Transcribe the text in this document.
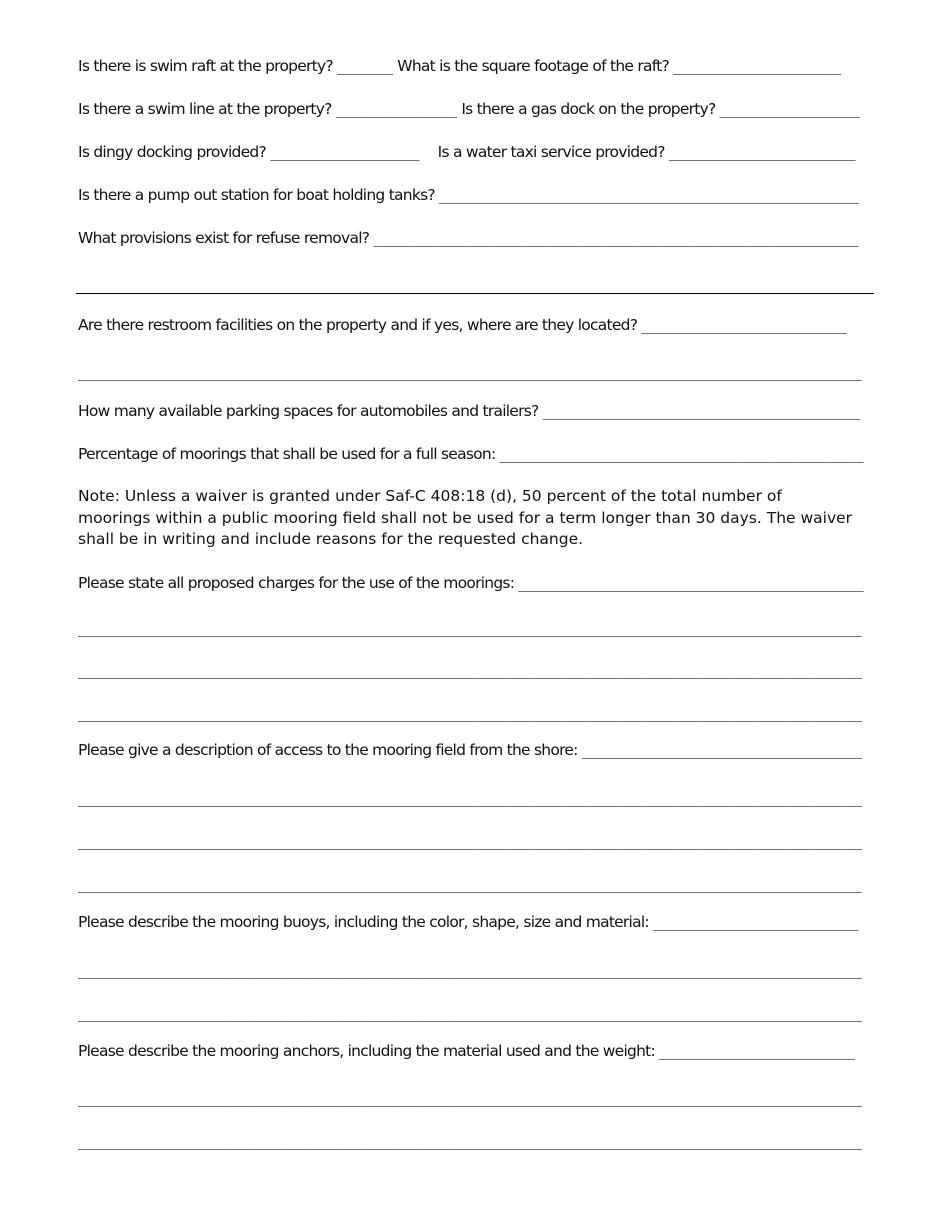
Is there is swim raft at the property? ______ What is the square footage of the raft? __________________
Is there a swim line at the property? _____________ Is there a gas dock on the property? _______________
Is dingy docking provided? ________________ Is a water taxi service provided? ____________________
Is there a pump out station for boat holding tanks? _____________________________________________
What provisions exist for refuse removal? ____________________________________________________
Are there restroom facilities on the property and if yes, where are they located? ______________________
____________________________________________________________________________________
How many available parking spaces for automobiles and trailers? __________________________________
Percentage of moorings that shall be used for a full season: _______________________________________
Note: Unless a waiver is granted under Saf-C 408:18 (d), 50 percent of the total number of moorings within a public mooring field shall not be used for a term longer than 30 days. The waiver shall be in writing and include reasons for the requested change.
Please state all proposed charges for the use of the moorings: _____________________________________
____________________________________________________________________________________
____________________________________________________________________________________
____________________________________________________________________________________
Please give a description of access to the mooring field from the shore: ______________________________
____________________________________________________________________________________
____________________________________________________________________________________
____________________________________________________________________________________
Please describe the mooring buoys, including the color, shape, size and material: ______________________
____________________________________________________________________________________
____________________________________________________________________________________
Please describe the mooring anchors, including the material used and the weight: _____________________
____________________________________________________________________________________
____________________________________________________________________________________
